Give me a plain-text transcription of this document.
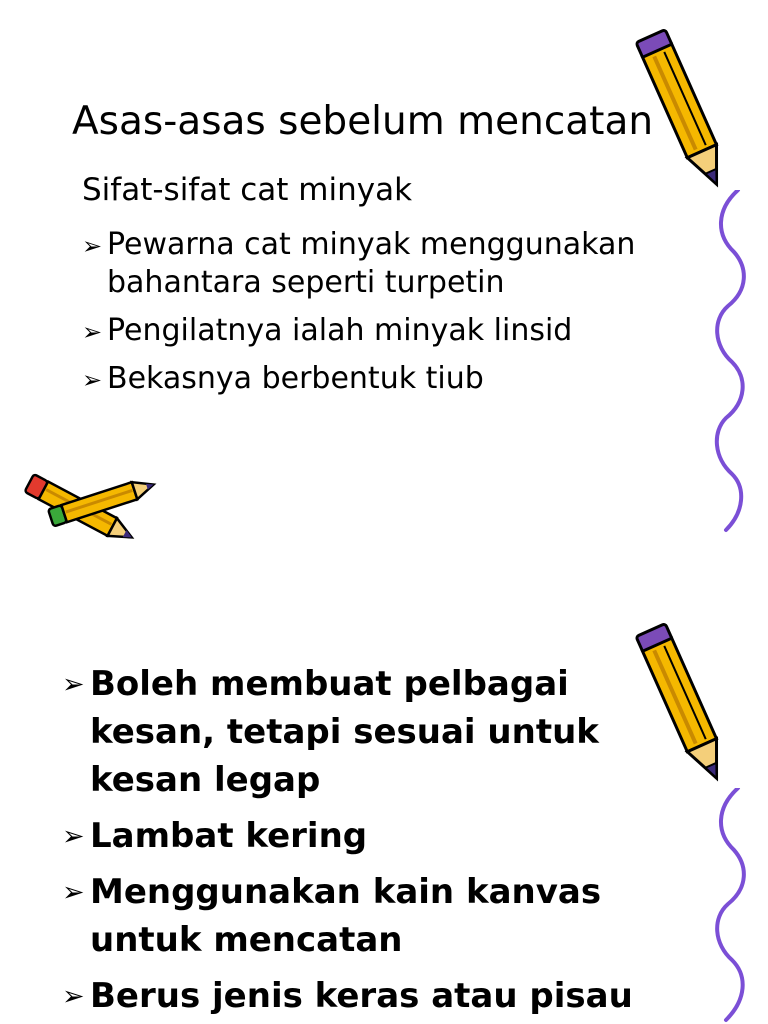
Asas-asas sebelum mencatan
Sifat-sifat cat minyak
➢ Pewarna cat minyak menggunakan bahantara seperti turpetin
➢ Pengilatnya ialah minyak linsid
➢ Bekasnya berbentuk tiub
➢ Boleh membuat pelbagai kesan, tetapi sesuai untuk kesan legap
➢ Lambat kering
➢ Menggunakan kain kanvas untuk mencatan
➢ Berus jenis keras atau pisau
